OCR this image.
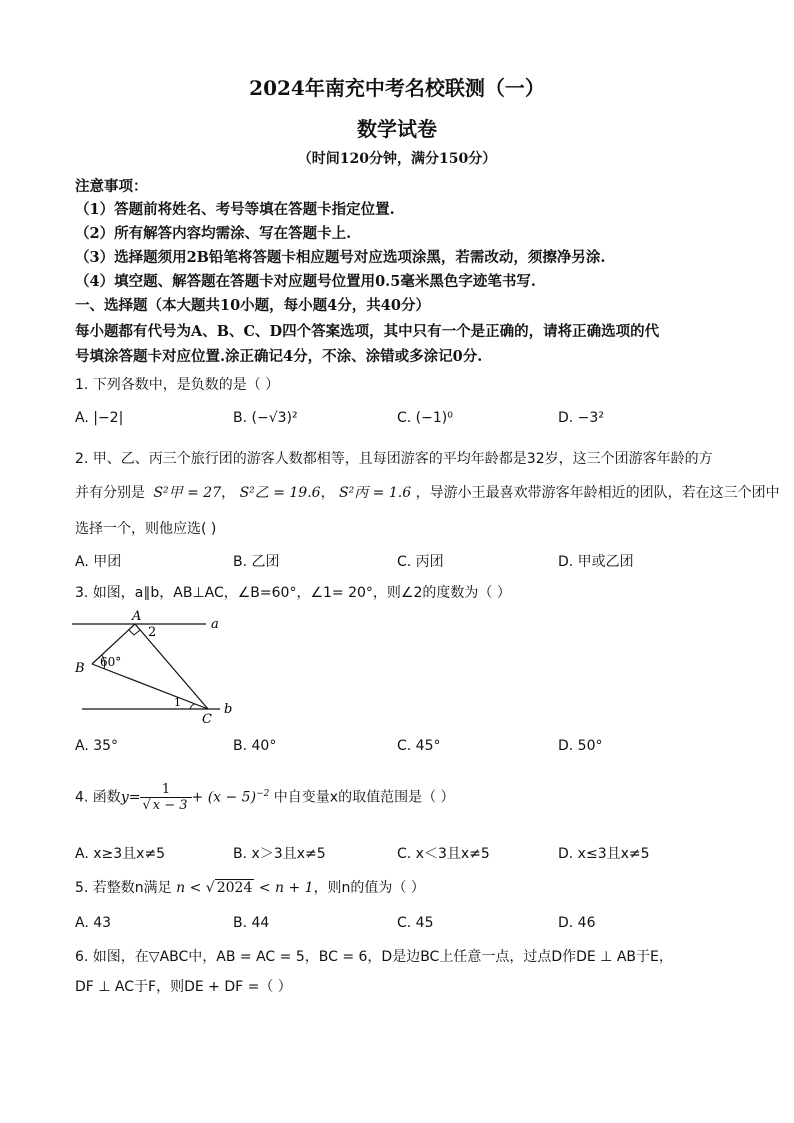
2024年南充中考名校联测（一）
数学试卷
（时间120分钟，满分150分）
注意事项：
（1）答题前将姓名、考号等填在答题卡指定位置.
（2）所有解答内容均需涂、写在答题卡上.
（3）选择题须用2B铅笔将答题卡相应题号对应选项涂黑，若需改动，须擦净另涂.
（4）填空题、解答题在答题卡对应题号位置用0.5毫米黑色字迹笔书写.
一、选择题（本大题共10小题，每小题4分，共40分）
每小题都有代号为A、B、C、D四个答案选项，其中只有一个是正确的，请将正确选项的代
号填涂答题卡对应位置.涂正确记4分，不涂、涂错或多涂记0分.
1. 下列各数中，是负数的是（ ）
A. |−2|	B. (−√3)²	C. (−1)⁰	D. −3²
2. 甲、乙、丙三个旅行团的游客人数都相等，且每团游客的平均年龄都是32岁，这三个团游客年龄的方
并有分别是 S²甲 = 27， S²乙 = 19.6， S²丙 = 1.6 ，导游小王最喜欢带游客年龄相近的团队，若在这三个团中
选择一个，则他应选( )
A. 甲团	B. 乙团	C. 丙团	D. 甲或乙团
3. 如图，a∥b，AB⊥AC，∠B=60°，∠1= 20°，则∠2的度数为（ ）
A
2
a
B 60°
1
C
b
A. 35°	B. 40°	C. 45°	D. 50°
4. 函数$y= \frac{1}{√ x - 3} + (x - 5)^{-2}$ 中自变量x的取值范围是（ ）
A. x≥3且x≠5	B. x＞3且x≠5	C. x＜3且x≠5	D. x≤3且x≠5
5. 若整数n满足 n < √ 2024 < n + 1，则n的值为（ ）
A. 43	B. 44	C. 45	D. 46
6. 如图，在▽ABC中，AB = AC = 5，BC = 6，D是边BC上任意一点，过点D作DE ⊥ AB于E，
DF ⊥ AC于F，则DE + DF =（ ）
